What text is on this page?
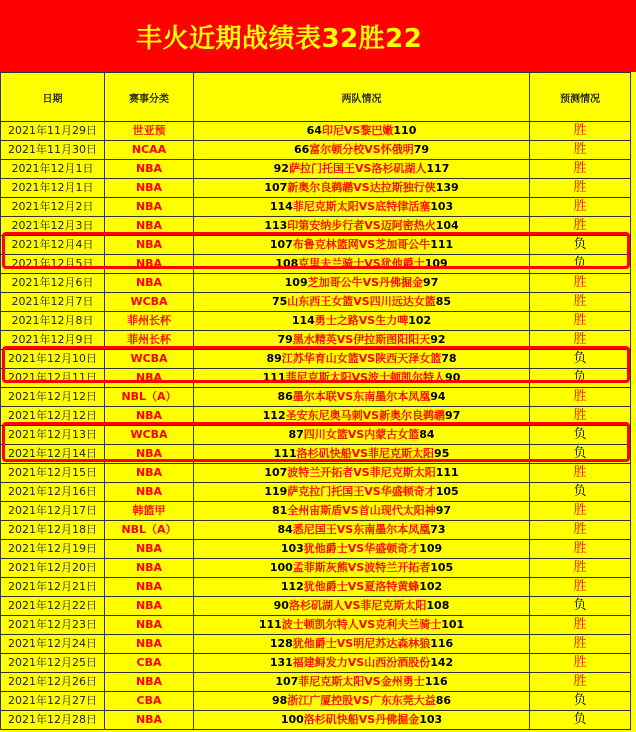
丰火近期战绩表32胜22
日期	赛事分类	两队情况	预测情况
2021年11月29日	世亚预	64印尼VS黎巴嫩110	胜
2021年11月30日	NCAA	66富尔顿分校VS怀俄明79	胜
2021年12月1日	NBA	92萨拉门托国王VS洛杉矶湖人117	胜
2021年12月1日	NBA	107新奥尔良鹈鹕VS达拉斯独行侠139	胜
2021年12月2日	NBA	114菲尼克斯太阳VS底特律活塞103	胜
2021年12月3日	NBA	113印第安纳步行者VS迈阿密热火104	胜
2021年12月4日	NBA	107布鲁克林篮网VS芝加哥公牛111	负
2021年12月5日	NBA	108克里夫兰骑士VS犹他爵士109	负
2021年12月6日	NBA	109芝加哥公牛VS丹佛掘金97	胜
2021年12月7日	WCBA	75山东西王女篮VS四川远达女篮85	胜
2021年12月8日	菲州长杯	114勇士之路VS生力啤102	胜
2021年12月9日	菲州长杯	79黑水精英VS伊拉斯图阳阳天92	胜
2021年12月10日	WCBA	89江苏华育山女篮VS陕西天泽女篮78	负
2021年12月11日	NBA	111菲尼克斯太阳VS波士顿凯尔特人90	负
2021年12月12日	NBL（A）	86墨尔本联VS东南墨尔本凤凰94	胜
2021年12月12日	NBA	112圣安东尼奥马刺VS新奥尔良鹈鹕97	胜
2021年12月13日	WCBA	87四川女篮VS内蒙古女篮84	负
2021年12月14日	NBA	111洛杉矶快船VS菲尼克斯太阳95	负
2021年12月15日	NBA	107波特兰开拓者VS菲尼克斯太阳111	胜
2021年12月16日	NBA	119萨克拉门托国王VS华盛顿奇才105	负
2021年12月17日	韩篮甲	81全州宙斯盾VS首山现代太阳神97	胜
2021年12月18日	NBL（A）	84悉尼国王VS东南墨尔本凤凰73	胜
2021年12月19日	NBA	103犹他爵士VS华盛顿奇才109	胜
2021年12月20日	NBA	100孟菲斯灰熊VS波特兰开拓者105	胜
2021年12月21日	NBA	112犹他爵士VS夏洛特黄蜂102	胜
2021年12月22日	NBA	90洛杉矶湖人VS菲尼克斯太阳108	负
2021年12月23日	NBA	111波士顿凯尔特人VS克利夫兰骑士101	胜
2021年12月24日	NBA	128犹他爵士VS明尼苏达森林狼116	胜
2021年12月25日	CBA	131福建鲟发力VS山西汾酒股份142	胜
2021年12月26日	NBA	107菲尼克斯太阳VS金州勇士116	胜
2021年12月27日	CBA	98浙江广厦控股VS广东东莞大益86	负
2021年12月28日	NBA	100洛杉矶快船VS丹佛掘金103	负
